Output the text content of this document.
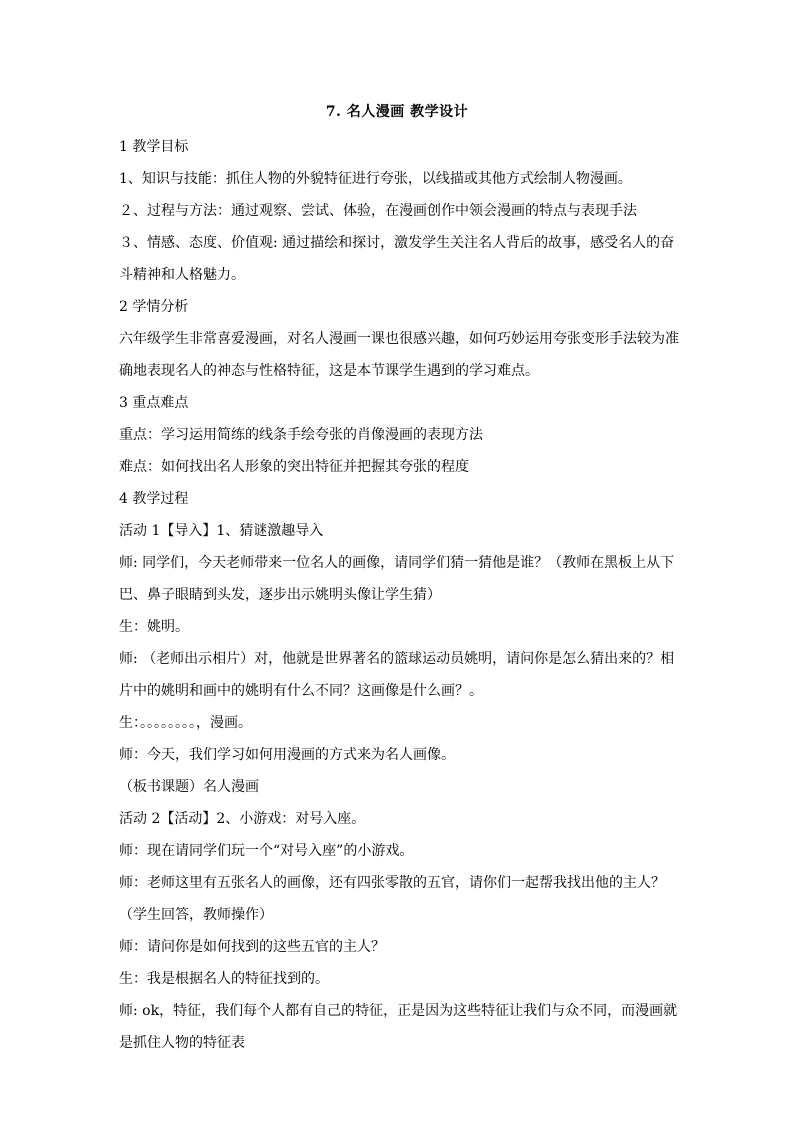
7. 名人漫画 教学设计

1 教学目标

1、知识与技能：抓住人物的外貌特征进行夸张，以线描或其他方式绘制人物漫画。

２、过程与方法：通过观察、尝试、体验，在漫画创作中领会漫画的特点与表现手法

３、情感、态度、价值观: 通过描绘和探讨，激发学生关注名人背后的故事，感受名人的奋斗精神和人格魅力。

2 学情分析

六年级学生非常喜爱漫画，对名人漫画一课也很感兴趣，如何巧妙运用夸张变形手法较为准确地表现名人的神态与性格特征，这是本节课学生遇到的学习难点。

3 重点难点

重点：学习运用简练的线条手绘夸张的肖像漫画的表现方法

难点：如何找出名人形象的突出特征并把握其夸张的程度

4 教学过程

活动 1【导入】1、猜谜激趣导入

师: 同学们，今天老师带来一位名人的画像，请同学们猜一猜他是谁？（教师在黑板上从下巴、鼻子眼睛到头发，逐步出示姚明头像让学生猜）

生：姚明。

师: （老师出示相片）对，他就是世界著名的篮球运动员姚明，请问你是怎么猜出来的？相片中的姚明和画中的姚明有什么不同？这画像是什么画？。

生：。。。。。。。。，漫画。

师：今天，我们学习如何用漫画的方式来为名人画像。

（板书课题）名人漫画

活动 2【活动】2、小游戏：对号入座。

师：现在请同学们玩一个“对号入座”的小游戏。

师：老师这里有五张名人的画像，还有四张零散的五官，请你们一起帮我找出他的主人？（学生回答，教师操作）

师：请问你是如何找到的这些五官的主人？

生：我是根据名人的特征找到的。

师: ok，特征，我们每个人都有自己的特征，正是因为这些特征让我们与众不同，而漫画就是抓住人物的特征表
